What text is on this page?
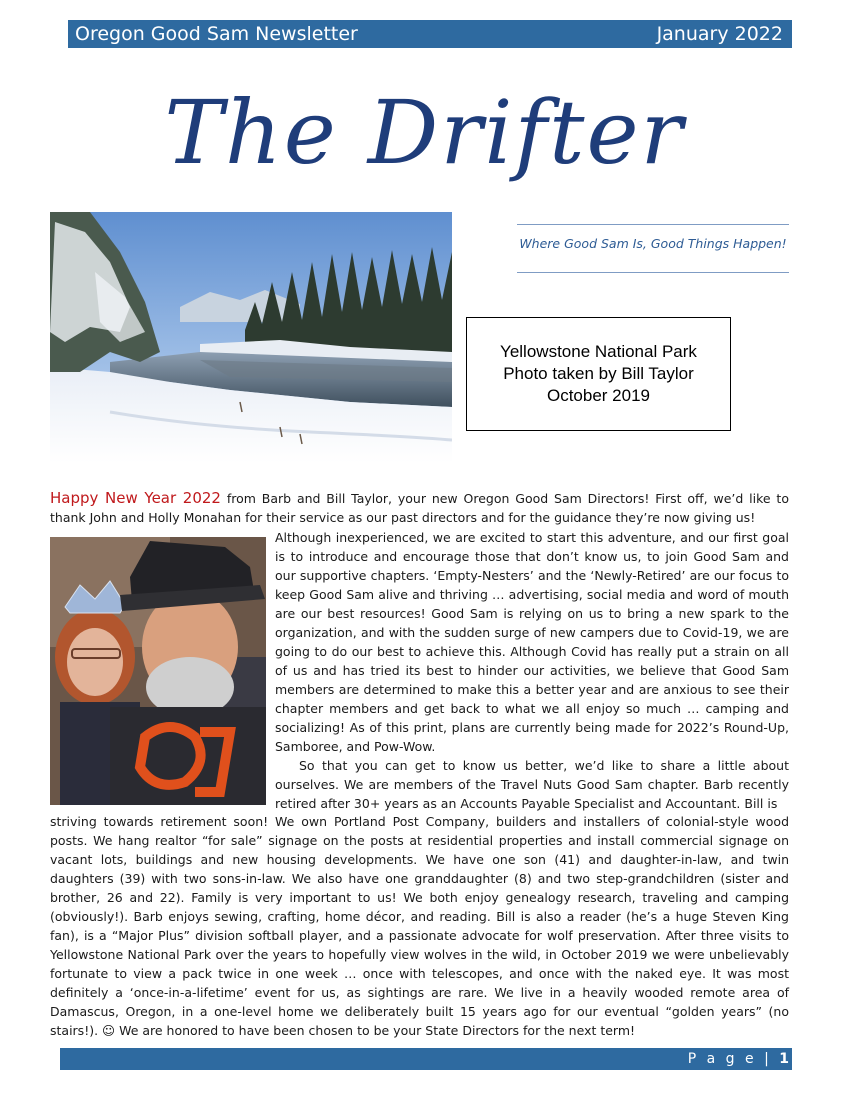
Oregon Good Sam Newsletter	January 2022
The Drifter
Where Good Sam Is, Good Things Happen!
Yellowstone National Park
Photo taken by Bill Taylor
October 2019
Happy New Year 2022 from Barb and Bill Taylor, your new Oregon Good Sam Directors! First off, we’d like to thank John and Holly Monahan for their service as our past directors and for the guidance they’re now giving us!
Although inexperienced, we are excited to start this adventure, and our first goal is to introduce and encourage those that don’t know us, to join Good Sam and our supportive chapters. ‘Empty-Nesters’ and the ‘Newly-Retired’ are our focus to keep Good Sam alive and thriving … advertising, social media and word of mouth are our best resources! Good Sam is relying on us to bring a new spark to the organization, and with the sudden surge of new campers due to Covid-19, we are going to do our best to achieve this. Although Covid has really put a strain on all of us and has tried its best to hinder our activities, we believe that Good Sam members are determined to make this a better year and are anxious to see their chapter members and get back to what we all enjoy so much … camping and socializing! As of this print, plans are currently being made for 2022’s Round-Up, Samboree, and Pow-Wow.
So that you can get to know us better, we’d like to share a little about ourselves. We are members of the Travel Nuts Good Sam chapter. Barb recently retired after 30+ years as an Accounts Payable Specialist and Accountant. Bill is
striving towards retirement soon! We own Portland Post Company, builders and installers of colonial-style wood posts. We hang realtor “for sale” signage on the posts at residential properties and install commercial signage on vacant lots, buildings and new housing developments. We have one son (41) and daughter-in-law, and twin daughters (39) with two sons-in-law. We also have one granddaughter (8) and two step-grandchildren (sister and brother, 26 and 22). Family is very important to us! We both enjoy genealogy research, traveling and camping (obviously!). Barb enjoys sewing, crafting, home décor, and reading. Bill is also a reader (he’s a huge Steven King fan), is a “Major Plus” division softball player, and a passionate advocate for wolf preservation. After three visits to Yellowstone National Park over the years to hopefully view wolves in the wild, in October 2019 we were unbelievably fortunate to view a pack twice in one week … once with telescopes, and once with the naked eye. It was most definitely a ‘once-in-a-lifetime’ event for us, as sightings are rare. We live in a heavily wooded remote area of Damascus, Oregon, in a one-level home we deliberately built 15 years ago for our eventual “golden years” (no stairs!). ☺ We are honored to have been chosen to be your State Directors for the next term!
P a g e | 1
